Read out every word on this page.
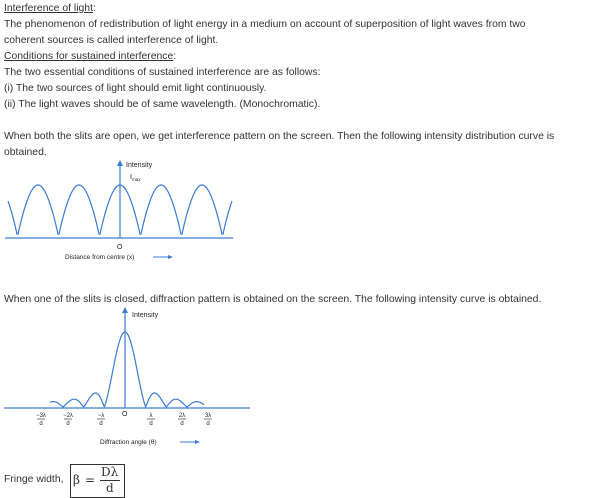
Interference of light:
The phenomenon of redistribution of light energy in a medium on account of superposition of light waves from two
coherent sources is called interference of light.
Conditions for sustained interference:
The two essential conditions of sustained interference are as follows:
(i) The two sources of light should emit light continuously.
(ii) The light waves should be of same wavelength. (Monochromatic).
When both the slits are open, we get interference pattern on the screen. Then the following intensity distribution curve is
obtained.
Intensity
$I_{max}$
O
Distance from centre (x)
When one of the slits is closed, diffraction pattern is obtained on the screen. The following intensity curve is obtained.
Intensity
O
−3λ
d
−2λ
d
−λ
d
λ
d
2λ
d
3λ
d
Diffraction angle (θ)
Fringe width, β =
Dλ
d
